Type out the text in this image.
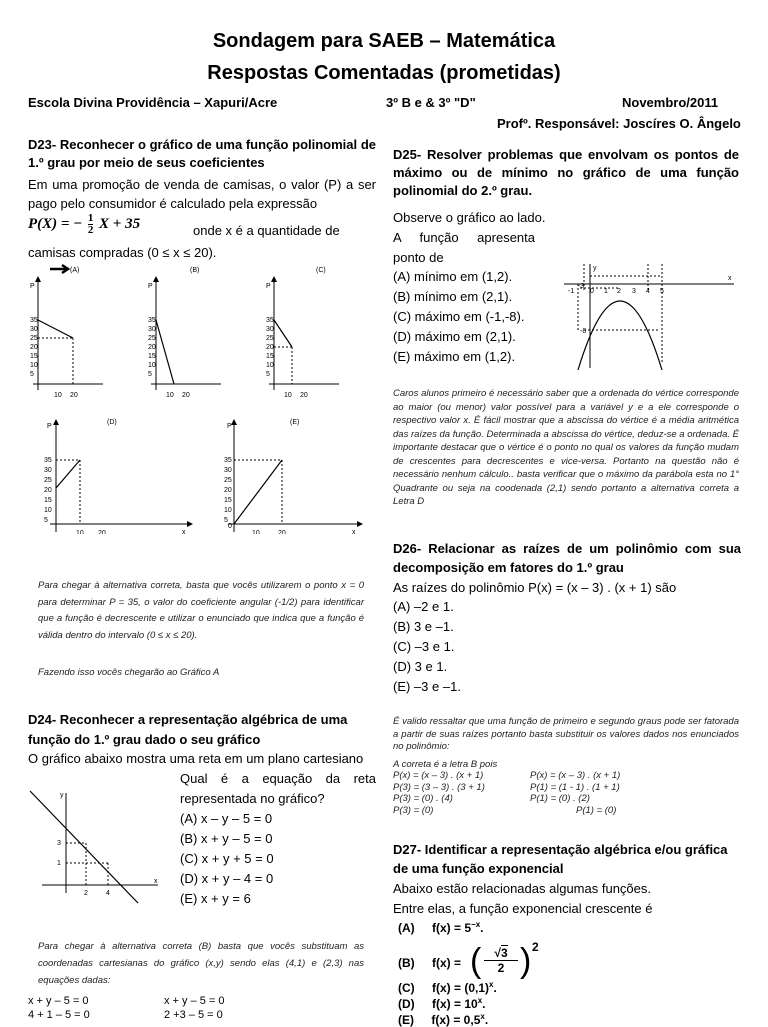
Sondagem para SAEB – Matemática
Respostas Comentadas (prometidas)
Escola Divina Providência – Xapuri/Acre	3º B e & 3º "D"	Novembro/2011
Profº. Responsável: Joscíres O. Ângelo
D23- Reconhecer o gráfico de uma função polinomial de 1.º grau por meio de seus coeficientes
Em uma promoção de venda de camisas, o valor (P) a ser pago pelo consumidor é calculado pela expressão
P(X) = − $\frac{1}{2}$ X + 35	onde x é a quantidade de camisas compradas (0 ≤ x ≤ 20).
(A)
P
35
30
25
20
15
10
5
10 20
(B)
P
35
30
25
20
15
10
5
10 20
(C)
P
35
30
25
20
15
10
5
10 20
(D)
P
x
35
30
25
20
15
10
5
10 20
(E)
P
x
35
30
25
20
15
10
5
0
10	20
Para chegar à alternativa correta, basta que vocês utilizarem o ponto x = 0 para determinar P = 35, o valor do coeficiente angular (-1/2) para identificar que a função é decrescente e utilizar o enunciado que indica que a função é válida dentro do intervalo (0 ≤ x ≤ 20).
Fazendo isso vocês chegarão ao Gráfico A
D24- Reconhecer a representação algébrica de uma função do 1.º grau dado o seu gráfico
O gráfico abaixo mostra uma reta em um plano cartesiano
Qual é a equação da reta representada no gráfico?
(A) x – y – 5 = 0
(B) x + y – 5 = 0
(C) x + y + 5 = 0
(D) x + y – 4 = 0
(E) x + y = 6
y
x
3
1
2	4
Para chegar à alternativa correta (B) basta que vocês substituam as coordenadas cartesianas do gráfico (x,y) sendo elas (4,1) e (2,3) nas equações dadas:
x + y – 5 = 0
4 + 1 – 5 = 0
x + y – 5 = 0
2 +3 – 5 = 0
D25- Resolver problemas que envolvam os pontos de máximo ou de mínimo no gráfico de uma função polinomial do 2.º grau.
Observe o gráfico ao lado.
A função apresenta
ponto de
(A) mínimo em (1,2).
(B) mínimo em (2,1).
(C) máximo em (-1,-8).
(D) máximo em (2,1).
(E) máximo em (1,2).
y
x
-1 0 1 2 3 4 5
-3
-8
Caros alunos primeiro é necessário saber que a ordenada do vértice corresponde ao maior (ou menor) valor possível para a variável y e a ele corresponde o respectivo valor x. É fácil mostrar que a abscissa do vértice é a média aritmética das raízes da função. Determinada a abscissa do vértice, deduz-se a ordenada. É importante destacar que o vértice é o ponto no qual os valores da função mudam de crescentes para decrescentes e vice-versa. Portanto na questão não é necessário nenhum cálculo.. basta verificar que o máximo da parábola esta no 1° Quadrante ou seja na coodenada (2,1) sendo portanto a alternativa correta a Letra D
D26- Relacionar as raízes de um polinômio com sua decomposição em fatores do 1.º grau
As raízes do polinômio P(x) = (x – 3) . (x + 1) são
(A) –2 e 1.
(B) 3 e –1.
(C) –3 e 1.
(D) 3 e 1.
(E) –3 e –1.
É valido ressaltar que uma função de primeiro e segundo graus pode ser fatorada a partir de suas raízes portanto basta substituir os valores dados nos enunciados no polinômio:
A correta é a letra B pois
P(x) = (x – 3) . (x + 1)
P(3) = (3 – 3) . (3 + 1)
P(3) = (0) . (4)
P(3) = (0)
P(x) = (x – 3) . (x + 1)
P(1) = (1 - 1) . (1 + 1)
P(1) = (0) . (2)
P(1) = (0)
D27- Identificar a representação algébrica e/ou gráfica de uma função exponencial
Abaixo estão relacionadas algumas funções.
Entre elas, a função exponencial crescente é
(A) $f(x) = 5^{-x}$.
(B) f(x) = (	√3
2 ) 2
(C) $f(x) = (0,1)^x$.
(D) $f(x) = 10^x$.
(E) $f(x) = 0,5^x$.
